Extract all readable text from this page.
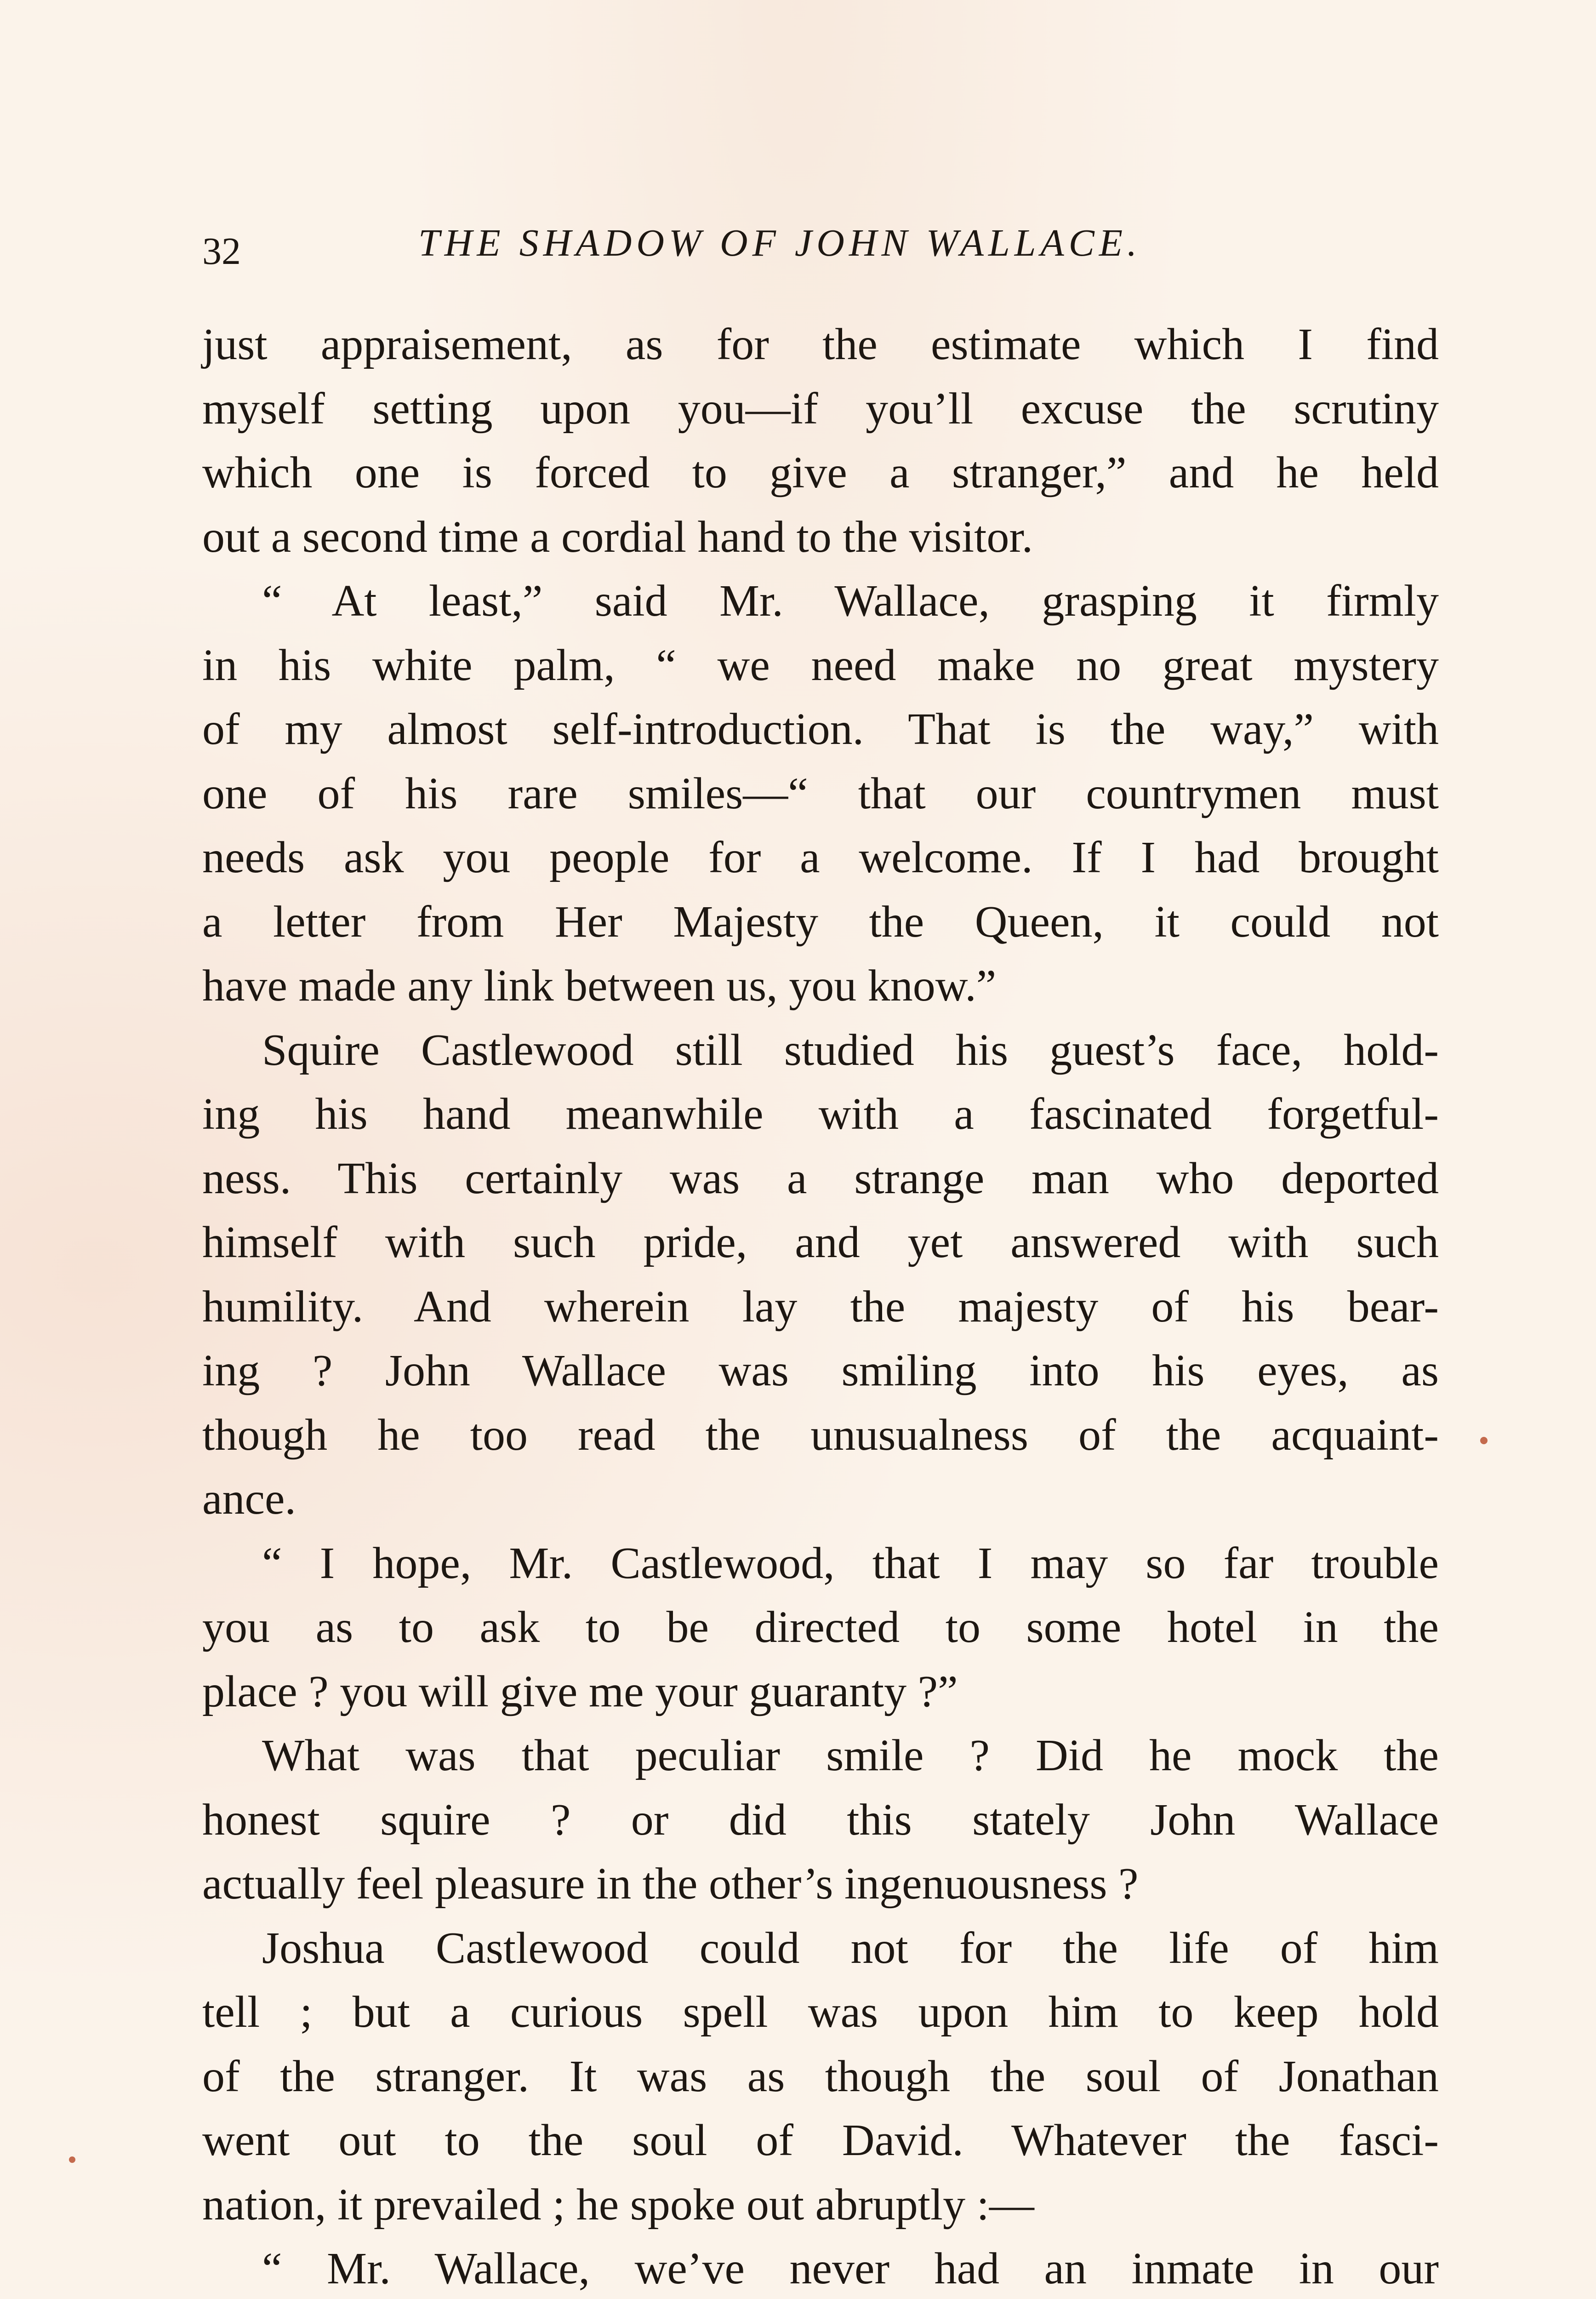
32	THE SHADOW OF JOHN WALLACE.
just appraisement, as for the estimate which I find
myself setting upon you—if you’ll excuse the scrutiny
which one is forced to give a stranger,” and he held
out a second time a cordial hand to the visitor.
“ At least,” said Mr. Wallace, grasping it firmly
in his white palm, “ we need make no great mystery
of my almost self-introduction. That is the way,” with
one of his rare smiles—“ that our countrymen must
needs ask you people for a welcome. If I had brought
a letter from Her Majesty the Queen, it could not
have made any link between us, you know.”
Squire Castlewood still studied his guest’s face, hold-
ing his hand meanwhile with a fascinated forgetful-
ness. This certainly was a strange man who deported
himself with such pride, and yet answered with such
humility. And wherein lay the majesty of his bear-
ing ? John Wallace was smiling into his eyes, as
though he too read the unusualness of the acquaint-
ance.
“ I hope, Mr. Castlewood, that I may so far trouble
you as to ask to be directed to some hotel in the
place ? you will give me your guaranty ?”
What was that peculiar smile ? Did he mock the
honest squire ? or did this stately John Wallace
actually feel pleasure in the other’s ingenuousness ?
Joshua Castlewood could not for the life of him
tell ; but a curious spell was upon him to keep hold
of the stranger. It was as though the soul of Jonathan
went out to the soul of David. Whatever the fasci-
nation, it prevailed ; he spoke out abruptly :—
“ Mr. Wallace, we’ve never had an inmate in our
